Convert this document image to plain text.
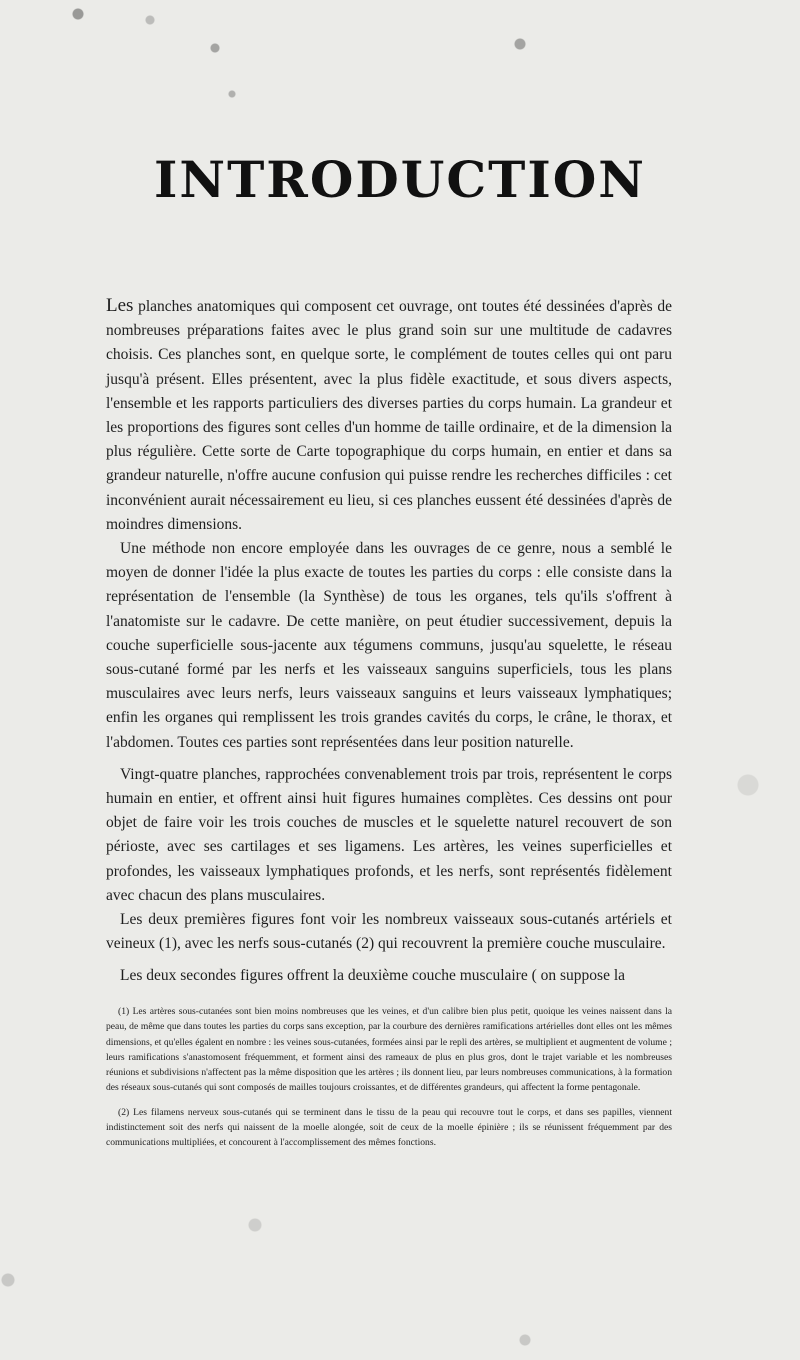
INTRODUCTION

Les planches anatomiques qui composent cet ouvrage, ont toutes été dessinées d'après de nombreuses préparations faites avec le plus grand soin sur une multitude de cadavres choisis. Ces planches sont, en quelque sorte, le complément de toutes celles qui ont paru jusqu'à présent. Elles présentent, avec la plus fidèle exactitude, et sous divers aspects, l'ensemble et les rapports particuliers des diverses parties du corps humain. La grandeur et les proportions des figures sont celles d'un homme de taille ordinaire, et de la dimension la plus régulière. Cette sorte de Carte topographique du corps humain, en entier et dans sa grandeur naturelle, n'offre aucune confusion qui puisse rendre les recherches difficiles : cet inconvénient aurait nécessairement eu lieu, si ces planches eussent été dessinées d'après de moindres dimensions.

Une méthode non encore employée dans les ouvrages de ce genre, nous a semblé le moyen de donner l'idée la plus exacte de toutes les parties du corps : elle consiste dans la représentation de l'ensemble (la Synthèse) de tous les organes, tels qu'ils s'offrent à l'anatomiste sur le cadavre. De cette manière, on peut étudier successivement, depuis la couche superficielle sous-jacente aux tégumens communs, jusqu'au squelette, le réseau sous-cutané formé par les nerfs et les vaisseaux sanguins superficiels, tous les plans musculaires avec leurs nerfs, leurs vaisseaux sanguins et leurs vaisseaux lymphatiques; enfin les organes qui remplissent les trois grandes cavités du corps, le crâne, le thorax, et l'abdomen. Toutes ces parties sont représentées dans leur position naturelle.

Vingt-quatre planches, rapprochées convenablement trois par trois, représentent le corps humain en entier, et offrent ainsi huit figures humaines complètes. Ces dessins ont pour objet de faire voir les trois couches de muscles et le squelette naturel recouvert de son périoste, avec ses cartilages et ses ligamens. Les artères, les veines superficielles et profondes, les vaisseaux lymphatiques profonds, et les nerfs, sont représentés fidèlement avec chacun des plans musculaires.

Les deux premières figures font voir les nombreux vaisseaux sous-cutanés artériels et veineux (1), avec les nerfs sous-cutanés (2) qui recouvrent la première couche musculaire.

Les deux secondes figures offrent la deuxième couche musculaire ( on suppose la

(1) Les artères sous-cutanées sont bien moins nombreuses que les veines, et d'un calibre bien plus petit, quoique les veines naissent dans la peau, de même que dans toutes les parties du corps sans exception, par la courbure des dernières ramifications artérielles dont elles ont les mêmes dimensions, et qu'elles égalent en nombre : les veines sous-cutanées, formées ainsi par le repli des artères, se multiplient et augmentent de volume ; leurs ramifications s'anastomosent fréquemment, et forment ainsi des rameaux de plus en plus gros, dont le trajet variable et les nombreuses réunions et subdivisions n'affectent pas la même disposition que les artères ; ils donnent lieu, par leurs nombreuses communications, à la formation des réseaux sous-cutanés qui sont composés de mailles toujours croissantes, et de différentes grandeurs, qui affectent la forme pentagonale.

(2) Les filamens nerveux sous-cutanés qui se terminent dans le tissu de la peau qui recouvre tout le corps, et dans ses papilles, viennent indistinctement soit des nerfs qui naissent de la moelle alongée, soit de ceux de la moelle épinière ; ils se réunissent fréquemment par des communications multipliées, et concourent à l'accomplissement des mêmes fonctions.
